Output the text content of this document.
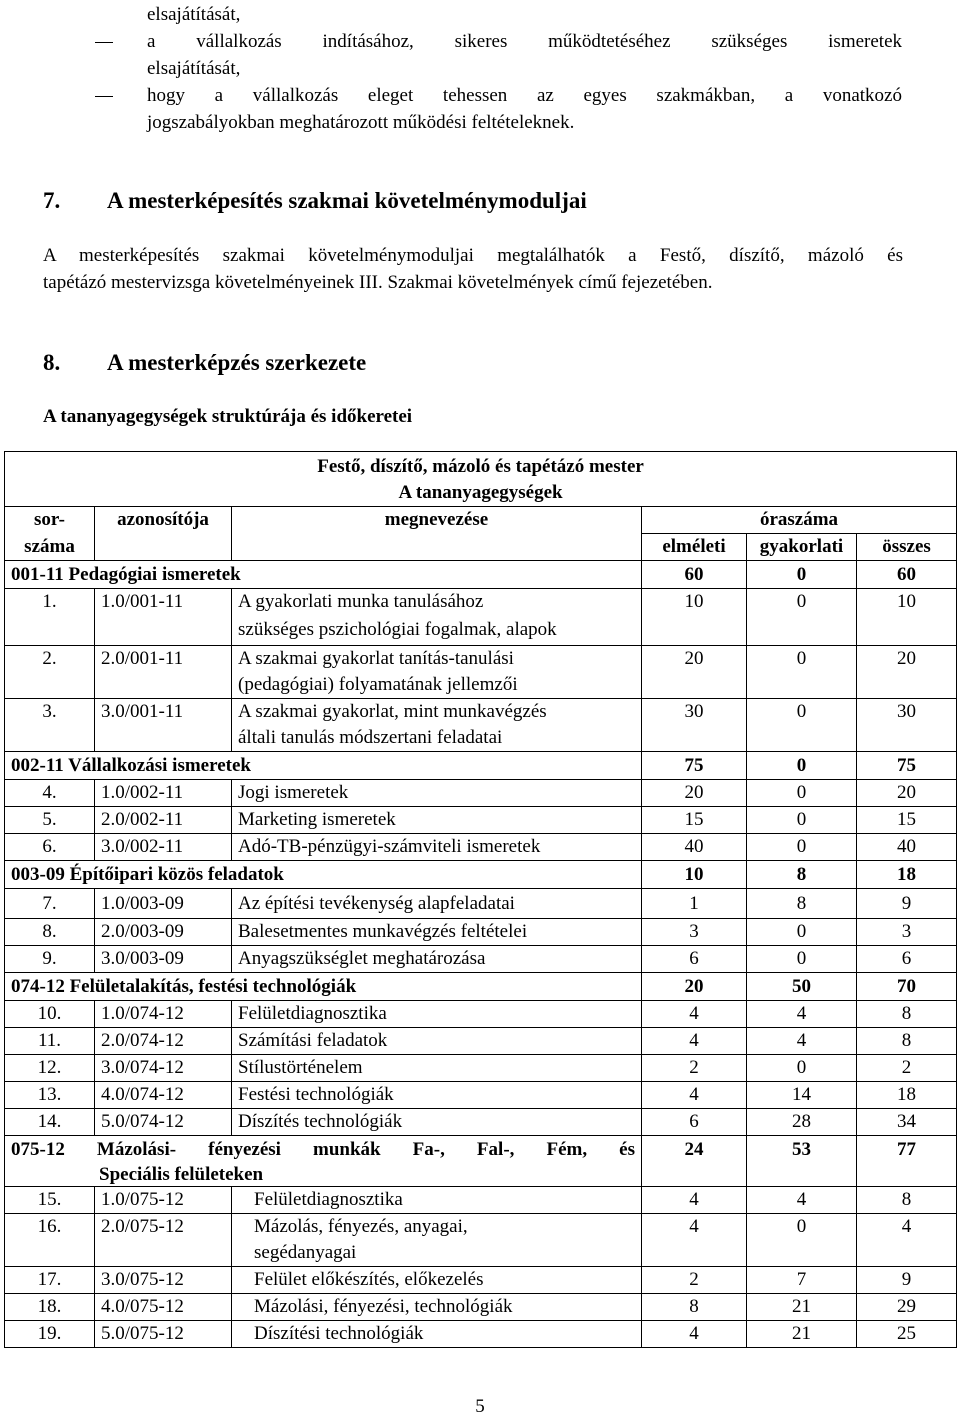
elsajátítását,
a vállalkozás indításához, sikeres működtetéséhez szükséges ismeretek
elsajátítását,
hogy a vállalkozás eleget tehessen az egyes szakmákban, a vonatkozó
jogszabályokban meghatározott működési feltételeknek.
7. A mesterképesítés szakmai követelménymoduljai
A mesterképesítés szakmai követelménymoduljai megtalálhatók a Festő, díszítő, mázoló és
tapétázó mestervizsga követelményeinek III. Szakmai követelmények című fejezetében.
8. A mesterképzés szerkezete
A tananyagegységek struktúrája és időkeretei
Festő, díszítő, mázoló és tapétázó mester
A tananyagegységek					

sor-	azonosítója	megnevezése	óraszáma		
száma			elméleti	gyakorlati	összes
001-11 Pedagógiai ismeretek			60	0	60
1.	1.0/001-11	A gyakorlati munka tanulásához
szükséges pszichológiai fogalmak, alapok	10	0	10
2.	2.0/001-11	A szakmai gyakorlat tanítás-tanulási
(pedagógiai) folyamatának jellemzői	20	0	20
3.	3.0/001-11	A szakmai gyakorlat, mint munkavégzés
általi tanulás módszertani feladatai	30	0	30
002-11 Vállalkozási ismeretek			75	0	75
4.	1.0/002-11	Jogi ismeretek	20	0	20
5.	2.0/002-11	Marketing ismeretek	15	0	15
6.	3.0/002-11	Adó-TB-pénzügyi-számviteli ismeretek	40	0	40
003-09 Építőipari közös feladatok			10	8	18
7.	1.0/003-09	Az építési tevékenység alapfeladatai	1	8	9
8.	2.0/003-09	Balesetmentes munkavégzés feltételei	3	0	3
9.	3.0/003-09	Anyagszükséglet meghatározása	6	0	6
074-12 Felületalakítás, festési technológiák			20	50	70
10.	1.0/074-12	Felületdiagnosztika	4	4	8
11.	2.0/074-12	Számítási feladatok	4	4	8
12.	3.0/074-12	Stílustörténelem	2	0	2
13.	4.0/074-12	Festési technológiák	4	14	18
14.	5.0/074-12	Díszítés technológiák	6	28	34

075-12 Mázolási- fényezési munkák Fa-, Fal-, Fém, és
Speciális felületeken			24	53	77
15.	1.0/075-12	Felületdiagnosztika	4	4	8
16.	2.0/075-12	Mázolás, fényezés, anyagai,
segédanyagai	4	0	4
17.	3.0/075-12	Felület előkészítés, előkezelés	2	7	9
18.	4.0/075-12	Mázolási, fényezési, technológiák	8	21	29
19.	5.0/075-12	Díszítési technológiák	4	21	25
5
